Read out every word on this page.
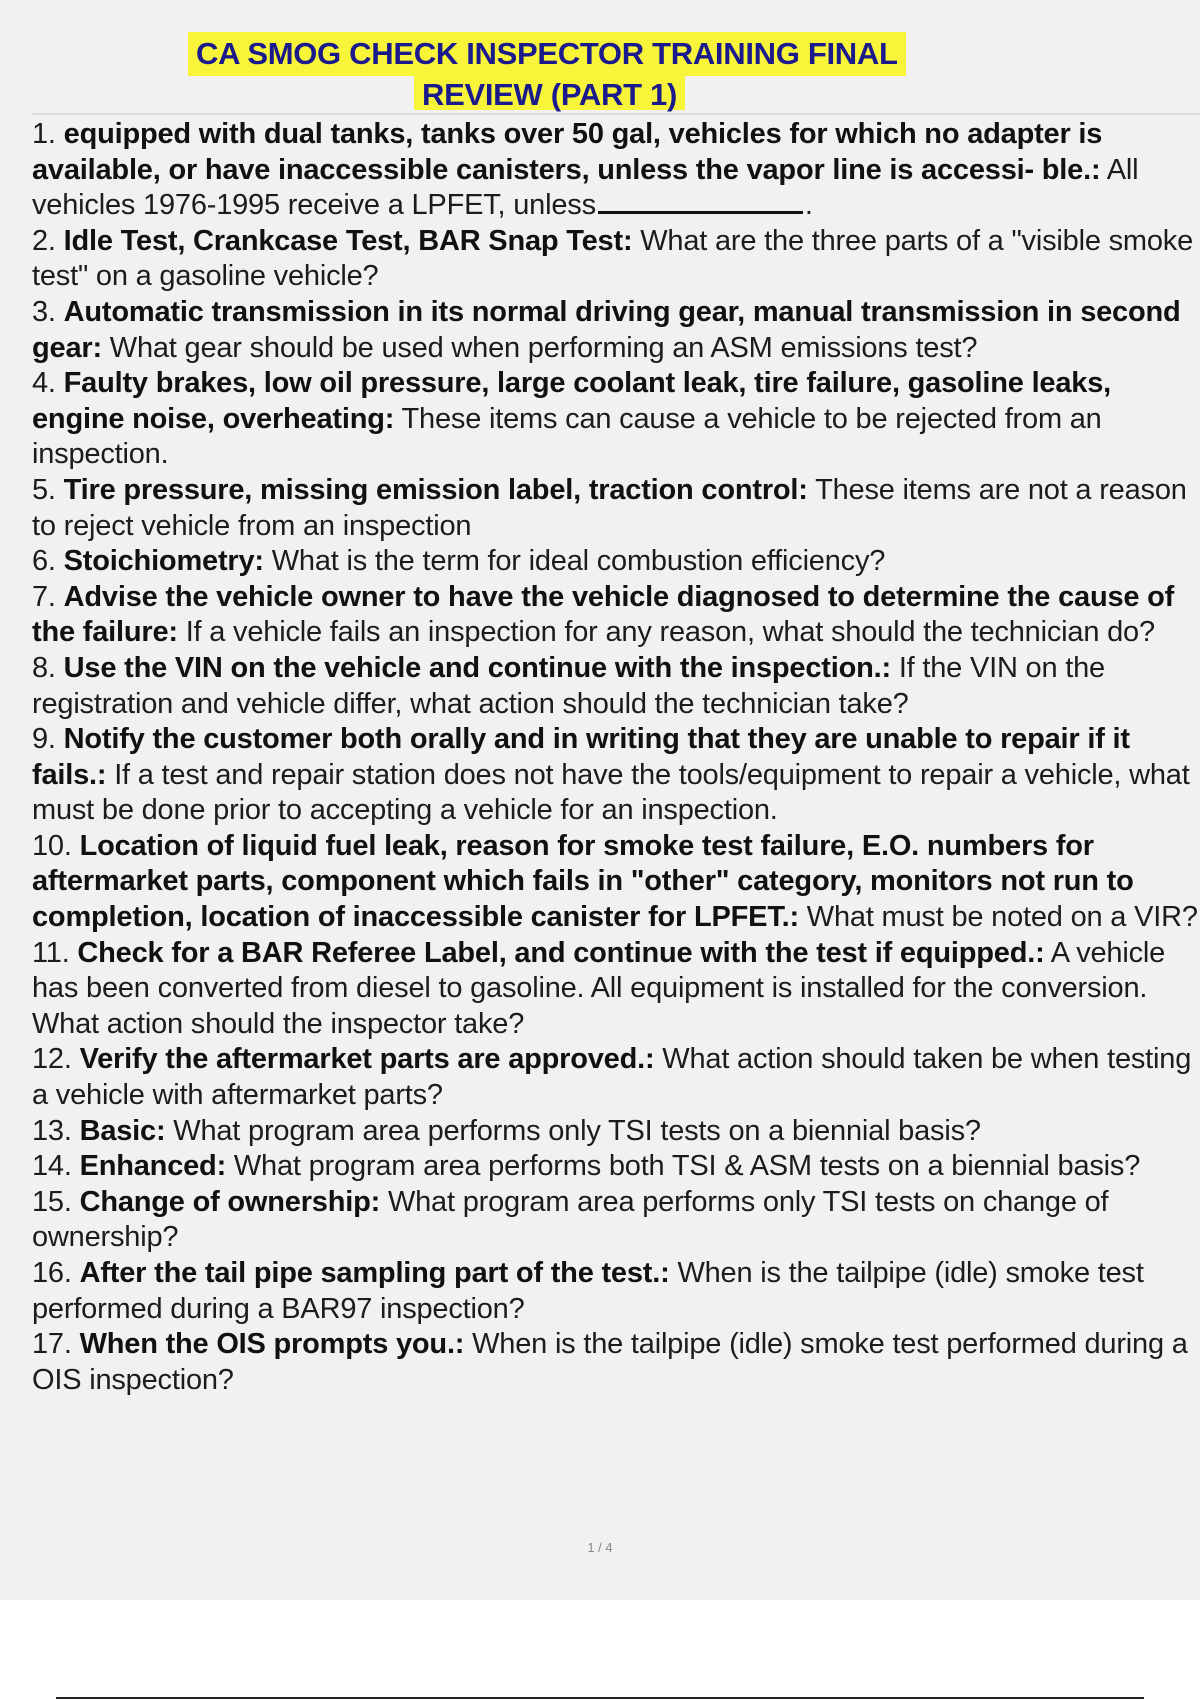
CA SMOG CHECK INSPECTOR TRAINING FINAL
REVIEW (PART 1)
1. equipped with dual tanks, tanks over 50 gal, vehicles for which no adapter is available, or have inaccessible canisters, unless the vapor line is accessi- ble.: All vehicles 1976-1995 receive a LPFET, unless	.
2. Idle Test, Crankcase Test, BAR Snap Test: What are the three parts of a "visible smoke test" on a gasoline vehicle?
3. Automatic transmission in its normal driving gear, manual transmission in second gear: What gear should be used when performing an ASM emissions test?
4. Faulty brakes, low oil pressure, large coolant leak, tire failure, gasoline leaks, engine noise, overheating: These items can cause a vehicle to be rejected from an inspection.
5. Tire pressure, missing emission label, traction control: These items are not a reason to reject vehicle from an inspection
6. Stoichiometry: What is the term for ideal combustion efficiency?
7. Advise the vehicle owner to have the vehicle diagnosed to determine the cause of the failure: If a vehicle fails an inspection for any reason, what should the technician do?
8. Use the VIN on the vehicle and continue with the inspection.: If the VIN on the registration and vehicle differ, what action should the technician take?
9. Notify the customer both orally and in writing that they are unable to repair if it fails.: If a test and repair station does not have the tools/equipment to repair a vehicle, what must be done prior to accepting a vehicle for an inspection.
10. Location of liquid fuel leak, reason for smoke test failure, E.O. numbers for aftermarket parts, component which fails in "other" category, monitors not run to completion, location of inaccessible canister for LPFET.: What must be noted on a VIR?
11. Check for a BAR Referee Label, and continue with the test if equipped.: A vehicle has been converted from diesel to gasoline. All equipment is installed for the conversion. What action should the inspector take?
12. Verify the aftermarket parts are approved.: What action should taken be when testing a vehicle with aftermarket parts?
13. Basic: What program area performs only TSI tests on a biennial basis?
14. Enhanced: What program area performs both TSI & ASM tests on a biennial basis?
15. Change of ownership: What program area performs only TSI tests on change of ownership?
16. After the tail pipe sampling part of the test.: When is the tailpipe (idle) smoke test performed during a BAR97 inspection?
17. When the OIS prompts you.: When is the tailpipe (idle) smoke test performed during a OIS inspection?
1 / 4
